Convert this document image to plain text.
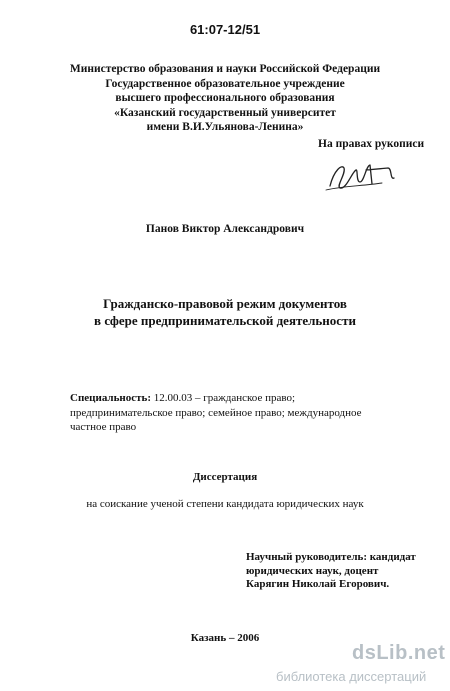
61:07-12/51
Министерство образования и науки Российской Федерации
Государственное образовательное учреждение
высшего профессионального образования
«Казанский государственный университет
имени В.И.Ульянова-Ленина»
На правах рукописи
Панов Виктор Александрович
Гражданско-правовой режим документов
в сфере предпринимательской деятельности
Специальность: 12.00.03 – гражданское право; предпринимательское право; семейное право; международное частное право
Диссертация
на соискание ученой степени кандидата юридических наук
Научный руководитель: кандидат
юридических наук, доцент
Карягин Николай Егорович.
Казань – 2006
dsLib.net
библиотека диссертаций
